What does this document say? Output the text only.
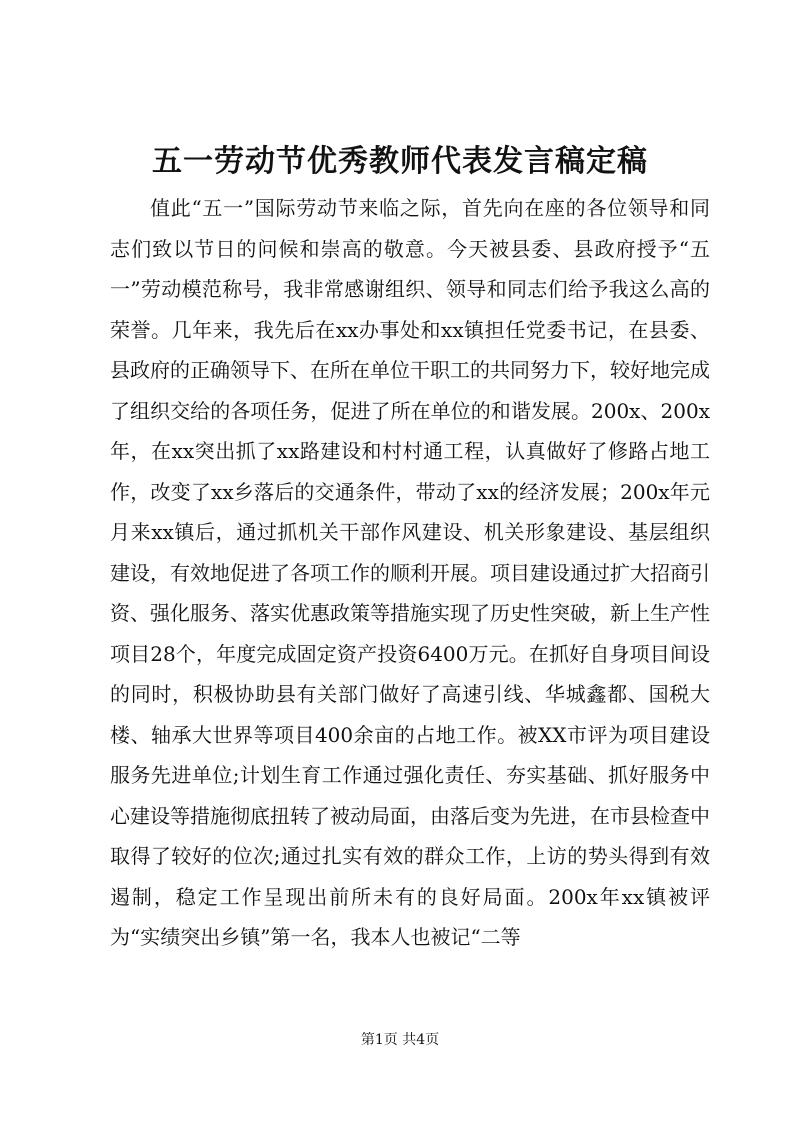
五一劳动节优秀教师代表发言稿定稿

值此“五一”国际劳动节来临之际，首先向在座的各位领导和同志们致以节日的问候和崇高的敬意。今天被县委、县政府授予“五一”劳动模范称号，我非常感谢组织、领导和同志们给予我这么高的荣誉。几年来，我先后在xx办事处和xx镇担任党委书记，在县委、县政府的正确领导下、在所在单位干职工的共同努力下，较好地完成了组织交给的各项任务，促进了所在单位的和谐发展。200x、200x年，在xx突出抓了xx路建设和村村通工程，认真做好了修路占地工作，改变了xx乡落后的交通条件，带动了xx的经济发展；200x年元月来xx镇后，通过抓机关干部作风建设、机关形象建设、基层组织建设，有效地促进了各项工作的顺利开展。项目建设通过扩大招商引资、强化服务、落实优惠政策等措施实现了历史性突破，新上生产性项目28个，年度完成固定资产投资6400万元。在抓好自身项目间设的同时，积极协助县有关部门做好了高速引线、华城鑫都、国税大楼、轴承大世界等项目400余亩的占地工作。被XX市评为项目建设服务先进单位;计划生育工作通过强化责任、夯实基础、抓好服务中心建设等措施彻底扭转了被动局面，由落后变为先进，在市县检查中取得了较好的位次;通过扎实有效的群众工作，上访的势头得到有效遏制，稳定工作呈现出前所未有的良好局面。200x年xx镇被评为“实绩突出乡镇”第一名，我本人也被记“二等

第1页 共4页
